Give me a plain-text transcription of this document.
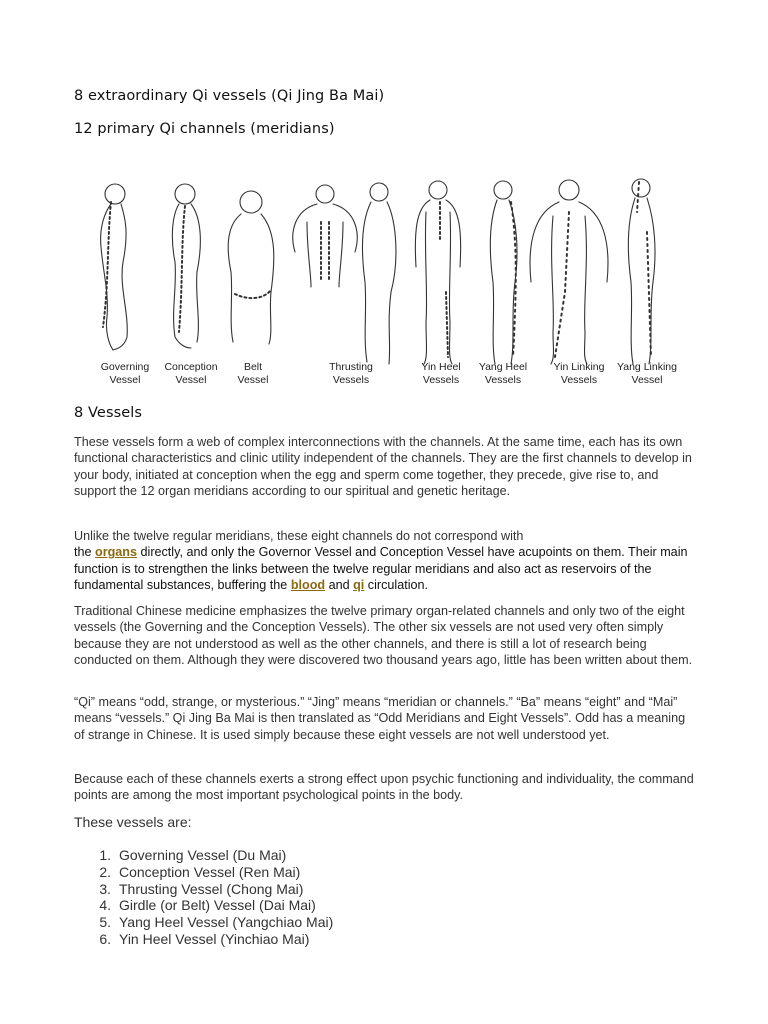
8 extraordinary Qi vessels (Qi Jing Ba Mai)
12 primary Qi channels (meridians)
Governing
Vessel
Conception
Vessel
Belt
Vessel
Thrusting
Vessels
Yin Heel
Vessels
Yang Heel
Vessels
Yin Linking
Vessels
Yang Linking
Vessel
8 Vessels

These vessels form a web of complex interconnections with the channels. At the same time, each has its own functional characteristics and clinic utility independent of the channels. They are the first channels to develop in your body, initiated at conception when the egg and sperm come together, they precede, give rise to, and support the 12 organ meridians according to our spiritual and genetic heritage.

Unlike the twelve regular meridians, these eight channels do not correspond with
the organs directly, and only the Governor Vessel and Conception Vessel have acupoints on them. Their main function is to strengthen the links between the twelve regular meridians and also act as reservoirs of the fundamental substances, buffering the blood and qi circulation.

Traditional Chinese medicine emphasizes the twelve primary organ-related channels and only two of the eight vessels (the Governing and the Conception Vessels). The other six vessels are not used very often simply because they are not understood as well as the other channels, and there is still a lot of research being conducted on them. Although they were discovered two thousand years ago, little has been written about them.

“Qi” means “odd, strange, or mysterious.” “Jing” means “meridian or channels.” “Ba” means “eight” and “Mai” means “vessels.” Qi Jing Ba Mai is then translated as “Odd Meridians and Eight Vessels”. Odd has a meaning of strange in Chinese. It is used simply because these eight vessels are not well understood yet.

Because each of these channels exerts a strong effect upon psychic functioning and individuality, the command points are among the most important psychological points in the body.

These vessels are:

1. Governing Vessel (Du Mai)
2. Conception Vessel (Ren Mai)
3. Thrusting Vessel (Chong Mai)
4. Girdle (or Belt) Vessel (Dai Mai)
5. Yang Heel Vessel (Yangchiao Mai)
6. Yin Heel Vessel (Yinchiao Mai)
